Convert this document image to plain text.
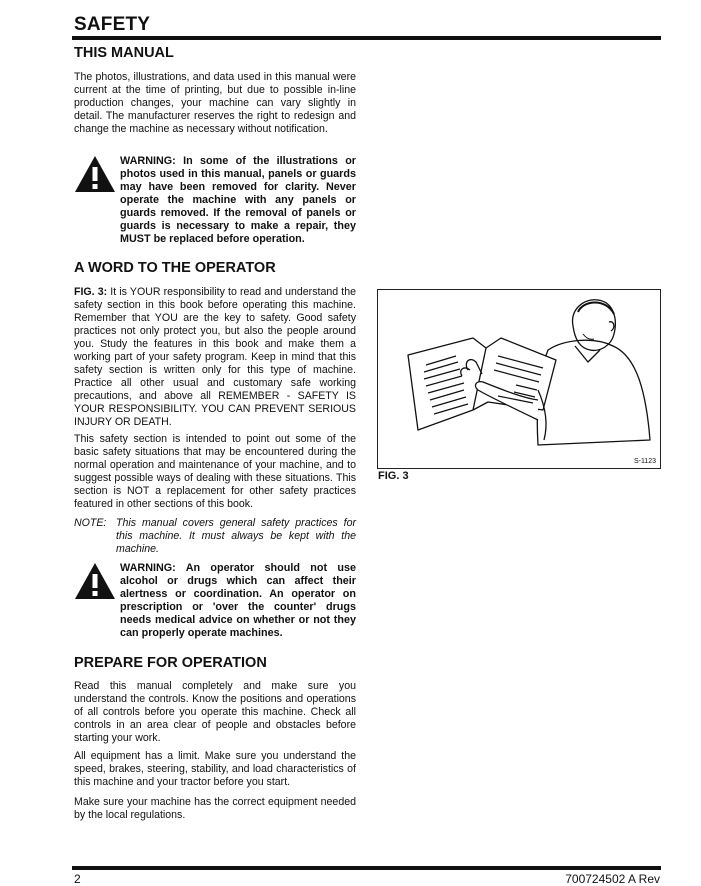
SAFETY
THIS MANUAL

The photos, illustrations, and data used in this manual were current at the time of printing, but due to possible in-line production changes, your machine can vary slightly in detail. The manufacturer reserves the right to redesign and change the machine as necessary without notification.

WARNING: In some of the illustrations or photos used in this manual, panels or guards may have been removed for clarity. Never operate the machine with any panels or guards removed. If the removal of panels or guards is necessary to make a repair, they MUST be replaced before operation.

A WORD TO THE OPERATOR

FIG. 3: It is YOUR responsibility to read and understand the safety section in this book before operating this machine. Remember that YOU are the key to safety. Good safety practices not only protect you, but also the people around you. Study the features in this book and make them a working part of your safety program. Keep in mind that this safety section is written only for this type of machine. Practice all other usual and customary safe working precautions, and above all REMEMBER - SAFETY IS YOUR RESPONSIBILITY. YOU CAN PREVENT SERIOUS INJURY OR DEATH.

This safety section is intended to point out some of the basic safety situations that may be encountered during the normal operation and maintenance of your machine, and to suggest possible ways of dealing with these situations. This section is NOT a replacement for other safety practices featured in other sections of this book.

NOTE: This manual covers general safety practices for this machine. It must always be kept with the machine.

WARNING: An operator should not use alcohol or drugs which can affect their alertness or coordination. An operator on prescription or 'over the counter' drugs needs medical advice on whether or not they can properly operate machines.

PREPARE FOR OPERATION

Read this manual completely and make sure you understand the controls. Know the positions and operations of all controls before you operate this machine. Check all controls in an area clear of people and obstacles before starting your work.

All equipment has a limit. Make sure you understand the speed, brakes, steering, stability, and load characteristics of this machine and your tractor before you start.

Make sure your machine has the correct equipment needed by the local regulations.

S-1123
FIG. 3
2	700724502 A Rev
